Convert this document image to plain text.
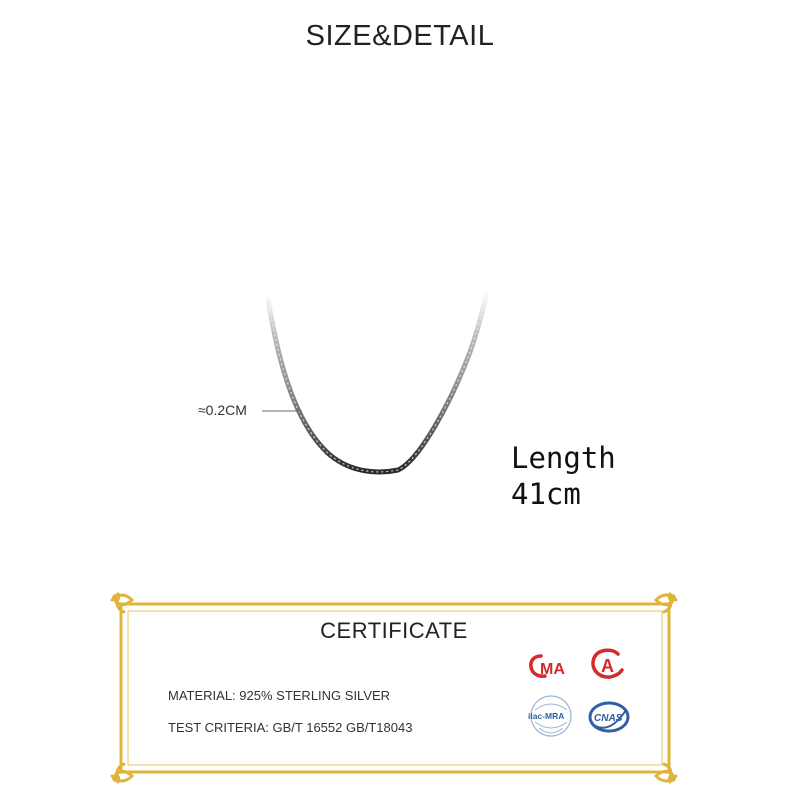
SIZE&DETAIL
≈0.2CM
Length
41cm
CERTIFICATE
MATERIAL: 925% STERLING SILVER
TEST CRITERIA: GB/T 16552 GB/T18043
MA A
ilac-MRA	CNAS
